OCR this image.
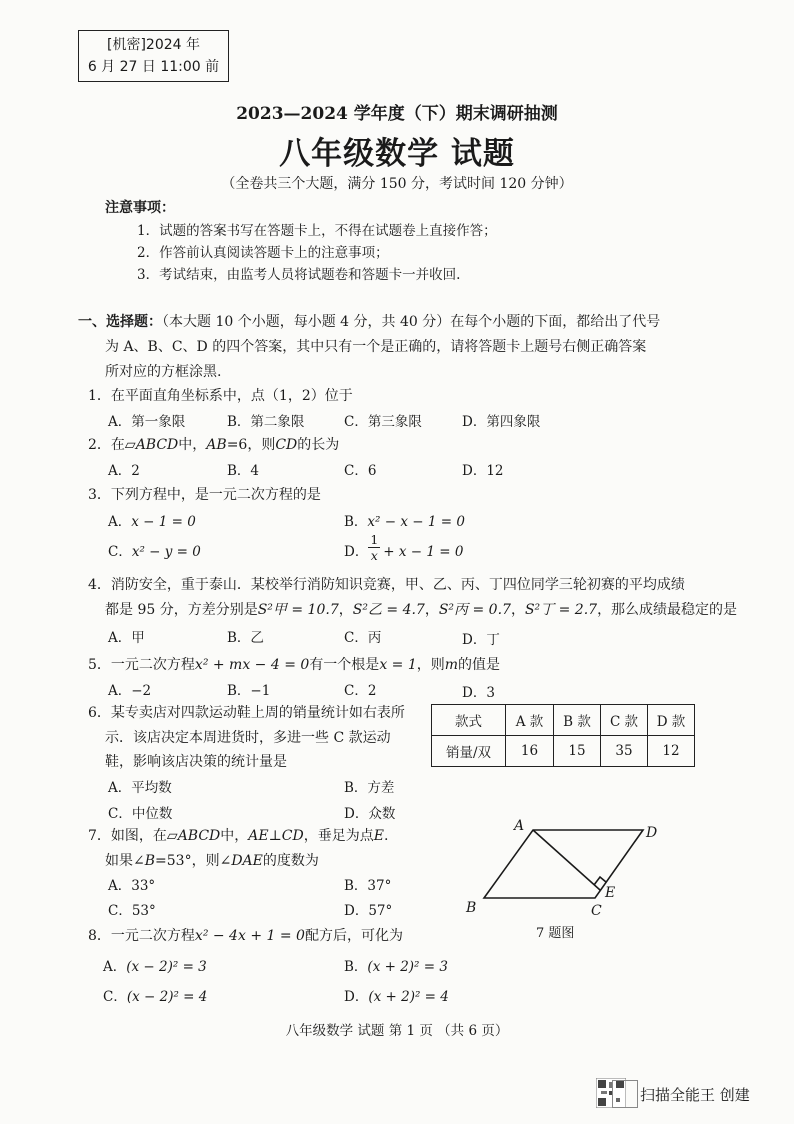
[机密]2024 年
6 月 27 日 11:00 前
2023—2024 学年度（下）期末调研抽测
八年级数学 试题
（全卷共三个大题，满分 150 分，考试时间 120 分钟）
注意事项：
1．试题的答案书写在答题卡上，不得在试题卷上直接作答；
2．作答前认真阅读答题卡上的注意事项；
3．考试结束，由监考人员将试题卷和答题卡一并收回.
一、选择题：（本大题 10 个小题，每小题 4 分，共 40 分）在每个小题的下面，都给出了代号
为 A、B、C、D 的四个答案，其中只有一个是正确的，请将答题卡上题号右侧正确答案
所对应的方框涂黑.
1．在平面直角坐标系中，点（1，2）位于
A．第一象限	B．第二象限	C．第三象限	D．第四象限
2．在▱ABCD中，AB=6，则CD的长为
A．2	B．4	C．6	D．12
3．下列方程中，是一元二次方程的是
A．x − 1 = 0	B．x² − x − 1 = 0
C．x² − y = 0	D． $\frac{1}{x} + x - 1 = 0$
4．消防安全，重于泰山．某校举行消防知识竞赛，甲、乙、丙、丁四位同学三轮初赛的平均成绩
都是 95 分，方差分别是S²甲 = 10.7，S²乙 = 4.7，S²丙 = 0.7，S²丁 = 2.7，那么成绩最稳定的是
A．甲	B．乙	C．丙	D．丁
5．一元二次方程x² + mx − 4 = 0有一个根是x = 1，则m的值是
A．−2	B．−1	C．2	D．3
6．某专卖店对四款运动鞋上周的销量统计如右表所
示．该店决定本周进货时，多进一些 C 款运动
鞋，影响该店决策的统计量是
A．平均数	B．方差
C．中位数	D．众数
款式	A 款	B 款	C 款	D 款
销量/双	16	15	35	12
7．如图，在▱ABCD中，AE⊥CD，垂足为点E.
如果∠B=53°，则∠DAE的度数为
A．33°	B．37°
C．53°	D．57°
A	D
B	C
E
7 题图
8．一元二次方程x² − 4x + 1 = 0配方后，可化为
A．(x − 2)² = 3	B．(x + 2)² = 3
C．(x − 2)² = 4	D．(x + 2)² = 4
八年级数学 试题 第 1 页 （共 6 页）
扫描全能王 创建
